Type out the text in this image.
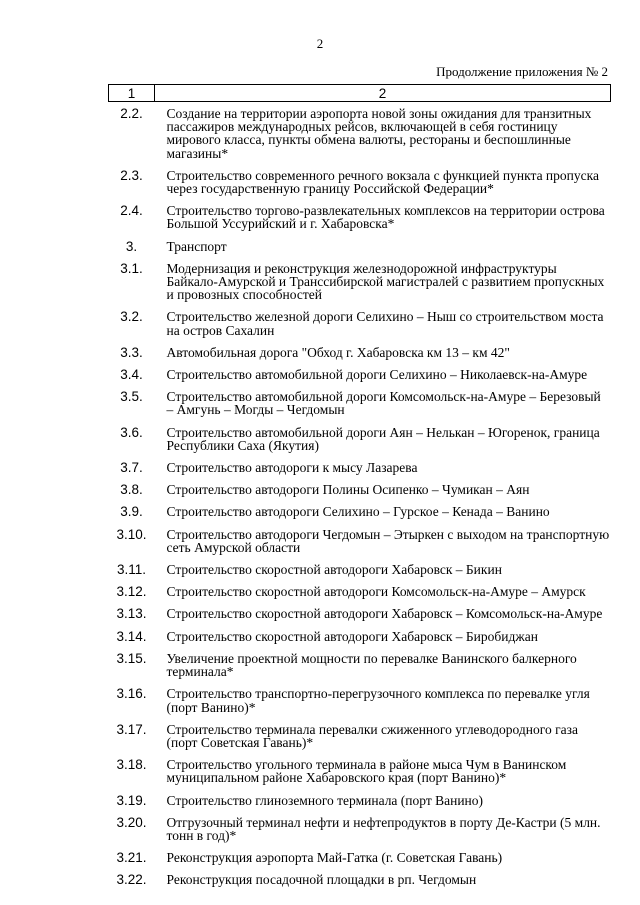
2
Продолжение приложения № 2
1	2
2.2.	Создание на территории аэропорта новой зоны ожидания для транзитных пассажиров международных рейсов, включающей в себя гостиницу мирового класса, пункты обмена валюты, рестораны и беспошлинные магазины*
2.3.	Строительство современного речного вокзала с функцией пункта пропуска через государственную границу Российской Федерации*
2.4.	Строительство торгово-развлекательных комплексов на территории острова Большой Уссурийский и г. Хабаровска*
3.	Транспорт
3.1.	Модернизация и реконструкция железнодорожной инфраструктуры Байкало-Амурской и Транссибирской магистралей с развитием пропускных и провозных способностей
3.2.	Строительство железной дороги Селихино – Ныш со строительством моста на остров Сахалин
3.3.	Автомобильная дорога "Обход г. Хабаровска км 13 – км 42"
3.4.	Строительство автомобильной дороги Селихино – Николаевск-на-Амуре
3.5.	Строительство автомобильной дороги Комсомольск-на-Амуре – Березовый – Амгунь – Могды – Чегдомын
3.6.	Строительство автомобильной дороги Аян – Нелькан – Югоренок, граница Республики Саха (Якутия)
3.7.	Строительство автодороги к мысу Лазарева
3.8.	Строительство автодороги Полины Осипенко – Чумикан – Аян
3.9.	Строительство автодороги Селихино – Гурское – Кенада – Ванино
3.10.	Строительство автодороги Чегдомын – Этыркен с выходом на транспортную сеть Амурской области
3.11.	Строительство скоростной автодороги Хабаровск – Бикин
3.12.	Строительство скоростной автодороги Комсомольск-на-Амуре – Амурск
3.13.	Строительство скоростной автодороги Хабаровск – Комсомольск-на-Амуре
3.14.	Строительство скоростной автодороги Хабаровск – Биробиджан
3.15.	Увеличение проектной мощности по перевалке Ванинского балкерного терминала*
3.16.	Строительство транспортно-перегрузочного комплекса по перевалке угля (порт Ванино)*
3.17.	Строительство терминала перевалки сжиженного углеводородного газа (порт Советская Гавань)*
3.18.	Строительство угольного терминала в районе мыса Чум в Ванинском муниципальном районе Хабаровского края (порт Ванино)*
3.19.	Строительство глиноземного терминала (порт Ванино)
3.20.	Отгрузочный терминал нефти и нефтепродуктов в порту Де-Кастри (5 млн. тонн в год)*
3.21.	Реконструкция аэропорта Май-Гатка (г. Советская Гавань)
3.22.	Реконструкция посадочной площадки в рп. Чегдомын
